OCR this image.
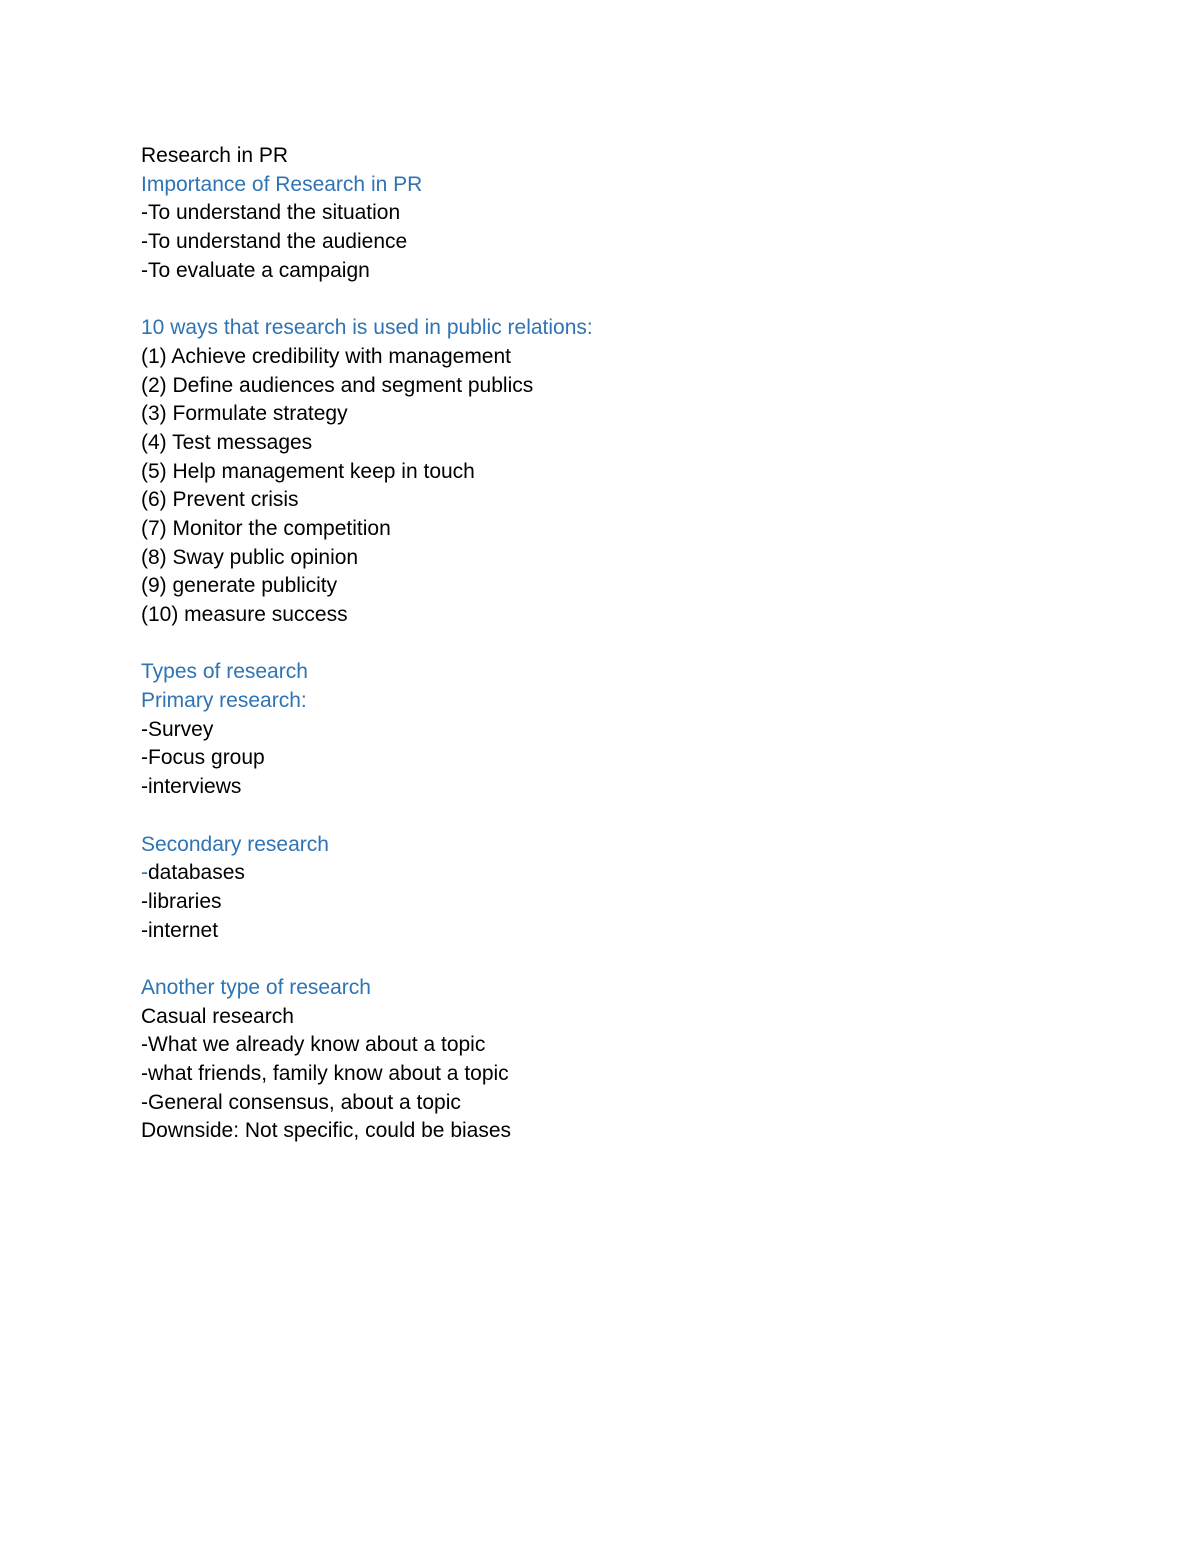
Research in PR
Importance of Research in PR
-To understand the situation
-To understand the audience
-To evaluate a campaign
10 ways that research is used in public relations:
(1) Achieve credibility with management
(2) Define audiences and segment publics
(3) Formulate strategy
(4) Test messages
(5) Help management keep in touch
(6) Prevent crisis
(7) Monitor the competition
(8) Sway public opinion
(9) generate publicity
(10) measure success
Types of research
Primary research:
-Survey
-Focus group
-interviews
Secondary research
-databases
-libraries
-internet
Another type of research
Casual research
-What we already know about a topic
-what friends, family know about a topic
-General consensus, about a topic
Downside: Not specific, could be biases
